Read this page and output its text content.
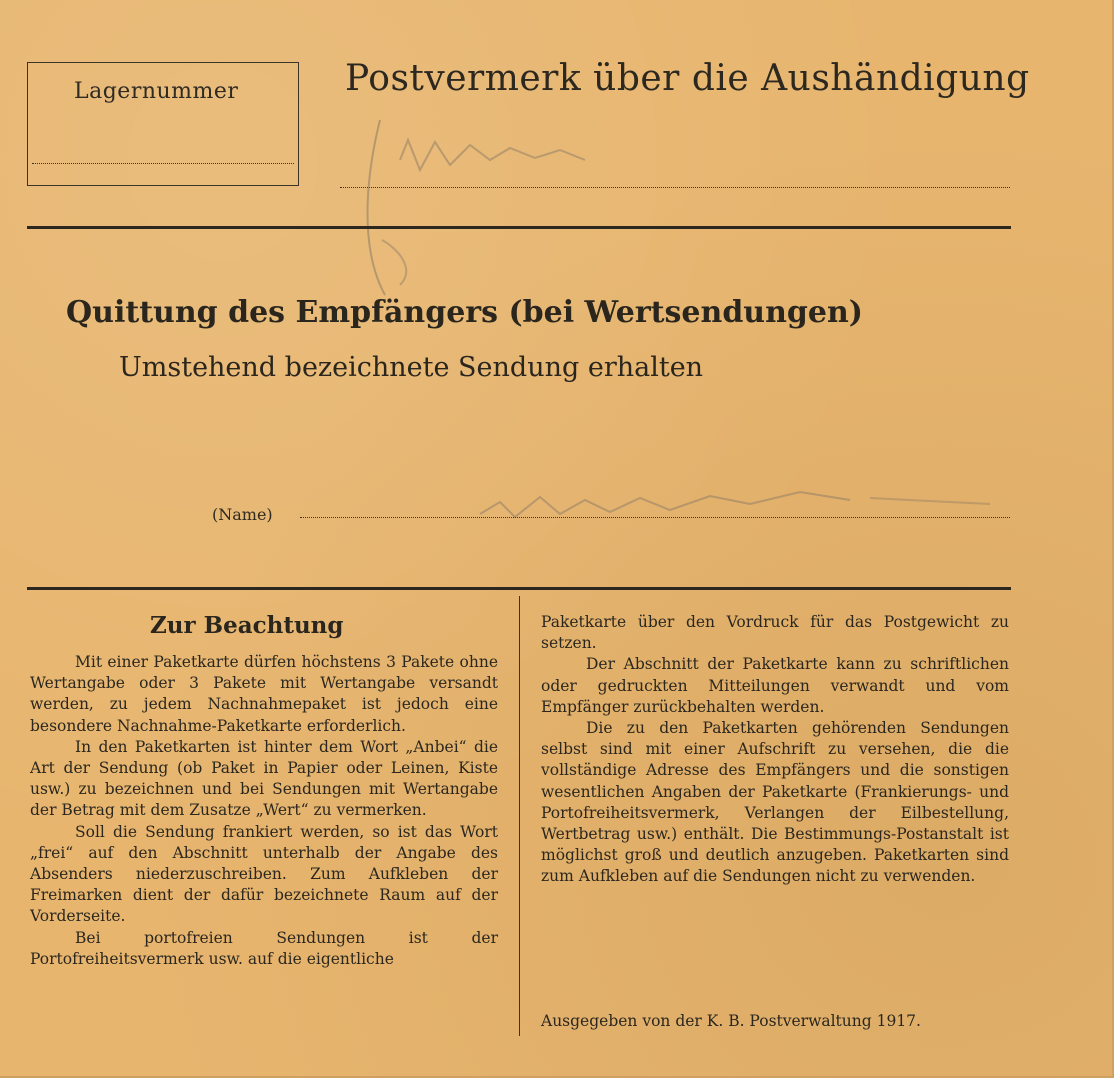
Lagernummer	Postvermerk über die Aushändigung
Quittung des Empfängers (bei Wertsendungen)
Umstehend bezeichnete Sendung erhalten
(Name)
Zur Beachtung

Mit einer Paketkarte dürfen höchstens 3 Pakete ohne Wertangabe oder 3 Pakete mit Wertangabe versandt werden, zu jedem Nachnahmepaket ist jedoch eine besondere Nachnahme-Paketkarte erforderlich.

In den Paketkarten ist hinter dem Wort „Anbei“ die Art der Sendung (ob Paket in Papier oder Leinen, Kiste usw.) zu bezeichnen und bei Sendungen mit Wertangabe der Betrag mit dem Zusatze „Wert“ zu vermerken.

Soll die Sendung frankiert werden, so ist das Wort „frei“ auf den Abschnitt unterhalb der Angabe des Absenders niederzuschreiben. Zum Aufkleben der Freimarken dient der dafür bezeichnete Raum auf der Vorderseite.

Bei portofreien Sendungen ist der Portofreiheitsvermerk usw. auf die eigentliche

Paketkarte über den Vordruck für das Postgewicht zu setzen.

Der Abschnitt der Paketkarte kann zu schriftlichen oder gedruckten Mitteilungen verwandt und vom Empfänger zurückbehalten werden.

Die zu den Paketkarten gehörenden Sendungen selbst sind mit einer Aufschrift zu versehen, die die vollständige Adresse des Empfängers und die sonstigen wesentlichen Angaben der Paketkarte (Frankierungs- und Portofreiheitsvermerk, Verlangen der Eilbestellung, Wertbetrag usw.) enthält. Die Bestimmungs-Postanstalt ist möglichst groß und deutlich anzugeben. Paketkarten sind zum Aufkleben auf die Sendungen nicht zu verwenden.

Ausgegeben von der K. B. Postverwaltung 1917.
